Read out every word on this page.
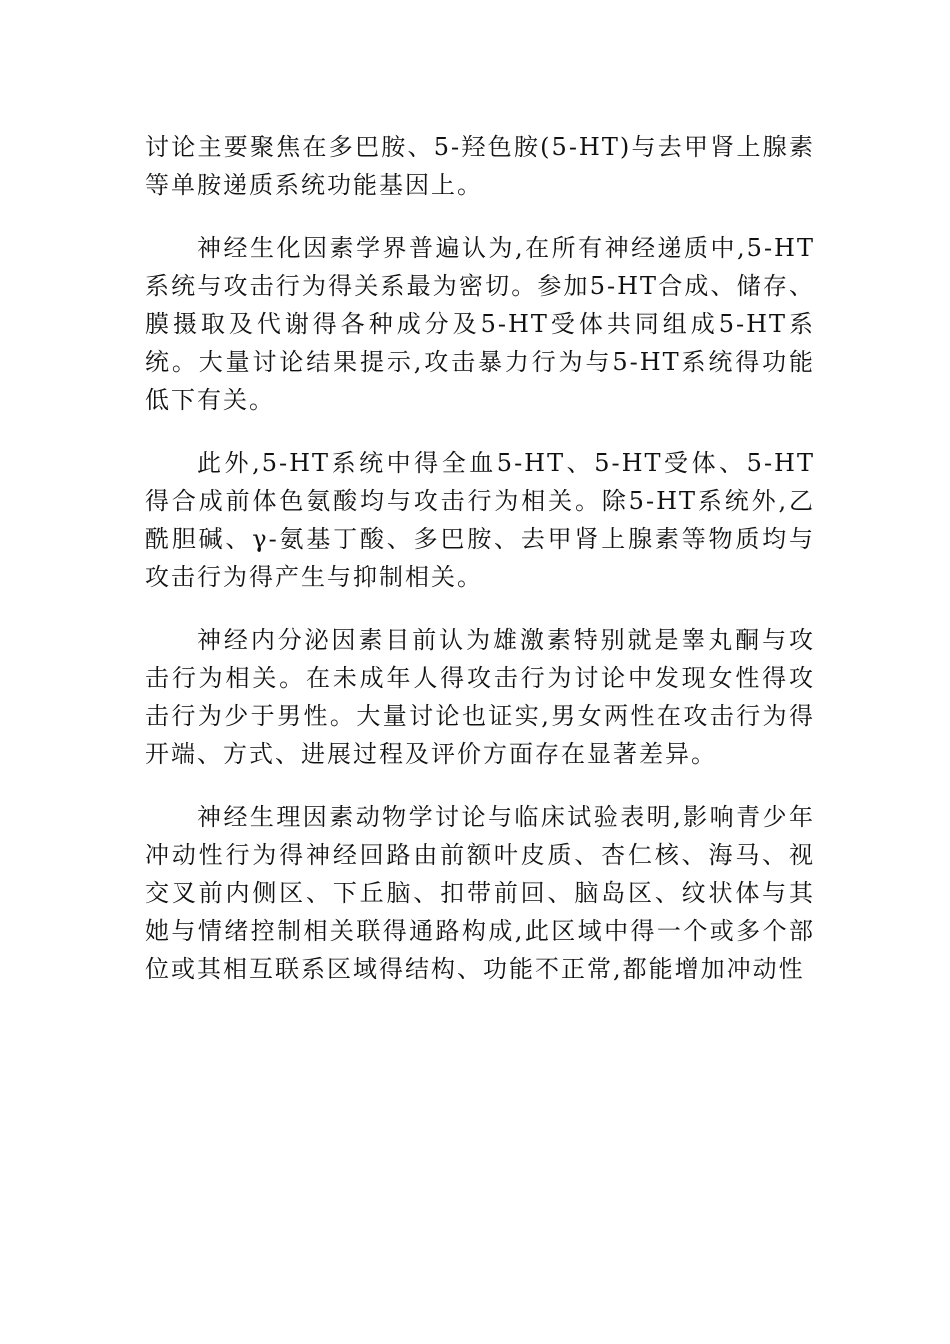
讨论主要聚焦在多巴胺、5-羟色胺(5-HT)与去甲肾上腺素等单胺递质系统功能基因上。

神经生化因素学界普遍认为,在所有神经递质中,5-HT系统与攻击行为得关系最为密切。参加5-HT合成、储存、膜摄取及代谢得各种成分及5-HT受体共同组成5-HT系统。大量讨论结果提示,攻击暴力行为与5-HT系统得功能低下有关。

此外,5-HT系统中得全血5-HT、5-HT受体、5-HT得合成前体色氨酸均与攻击行为相关。除5-HT系统外,乙酰胆碱、γ-氨基丁酸、多巴胺、去甲肾上腺素等物质均与攻击行为得产生与抑制相关。

神经内分泌因素目前认为雄激素特别就是睾丸酮与攻击行为相关。在未成年人得攻击行为讨论中发现女性得攻击行为少于男性。大量讨论也证实,男女两性在攻击行为得开端、方式、进展过程及评价方面存在显著差异。

神经生理因素动物学讨论与临床试验表明,影响青少年冲动性行为得神经回路由前额叶皮质、杏仁核、海马、视交叉前内侧区、下丘脑、扣带前回、脑岛区、纹状体与其她与情绪控制相关联得通路构成,此区域中得一个或多个部位或其相互联系区域得结构、功能不正常,都能增加冲动性
